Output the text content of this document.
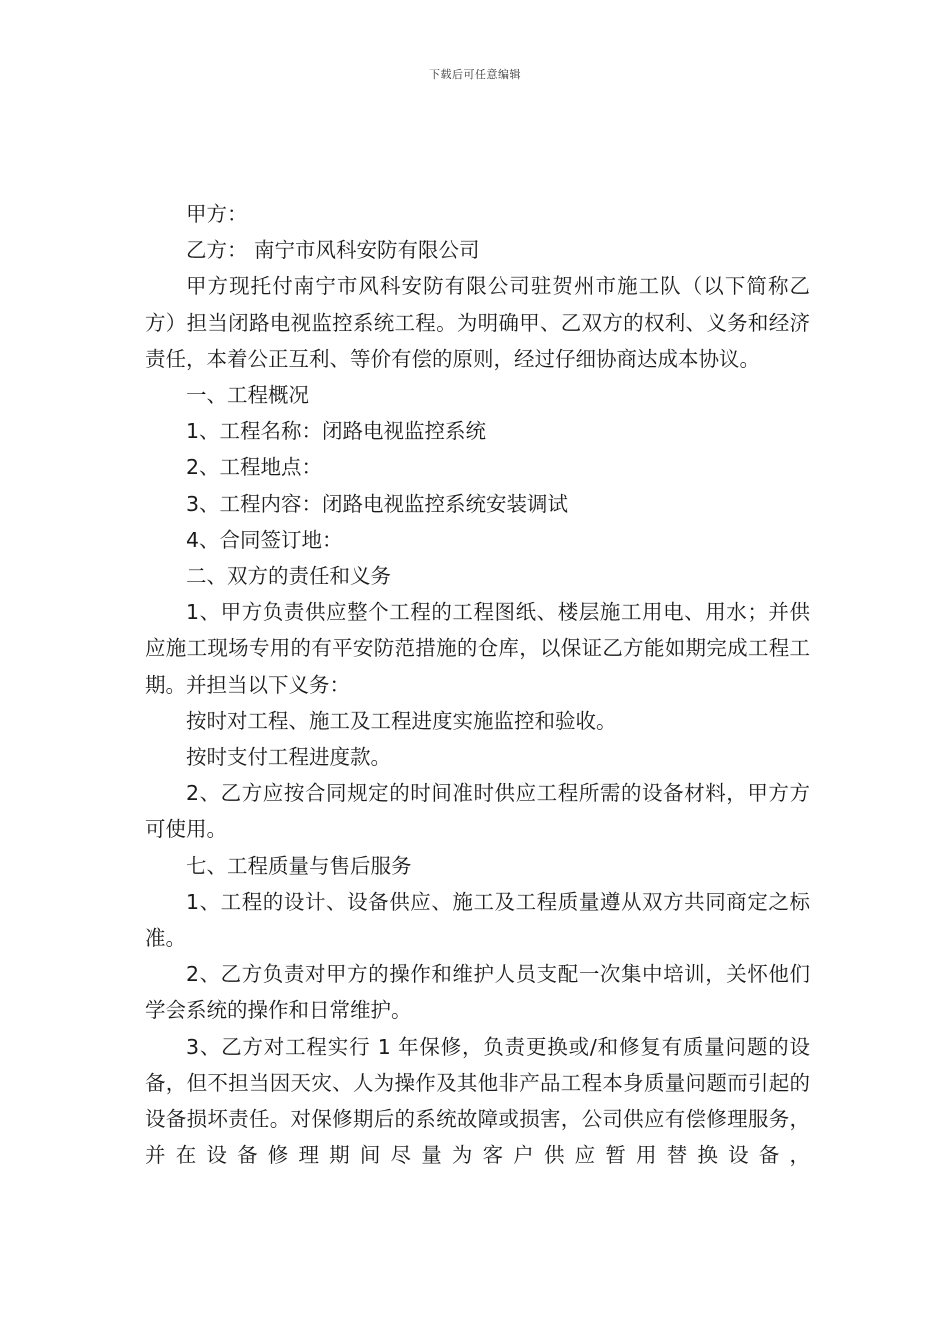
下载后可任意编辑

甲方：

乙方： 南宁市风科安防有限公司

甲方现托付南宁市风科安防有限公司驻贺州市施工队（以下简称乙方）担当闭路电视监控系统工程。为明确甲、乙双方的权利、义务和经济责任，本着公正互利、等价有偿的原则，经过仔细协商达成本协议。

一、工程概况

1、工程名称：闭路电视监控系统

2、工程地点：

3、工程内容：闭路电视监控系统安装调试

4、合同签订地：

二、双方的责任和义务

1、甲方负责供应整个工程的工程图纸、楼层施工用电、用水；并供应施工现场专用的有平安防范措施的仓库，以保证乙方能如期完成工程工期。并担当以下义务：

按时对工程、施工及工程进度实施监控和验收。

按时支付工程进度款。

2、乙方应按合同规定的时间准时供应工程所需的设备材料，甲方方可使用。

七、工程质量与售后服务

1、工程的设计、设备供应、施工及工程质量遵从双方共同商定之标准。

2、乙方负责对甲方的操作和维护人员支配一次集中培训，关怀他们学会系统的操作和日常维护。

3、乙方对工程实行 1 年保修，负责更换或/和修复有质量问题的设备，但不担当因天灾、人为操作及其他非产品工程本身质量问题而引起的设备损坏责任。对保修期后的系统故障或损害，公司供应有偿修理服务，并在设备修理期间尽量为客户供应暂用替换设备，
